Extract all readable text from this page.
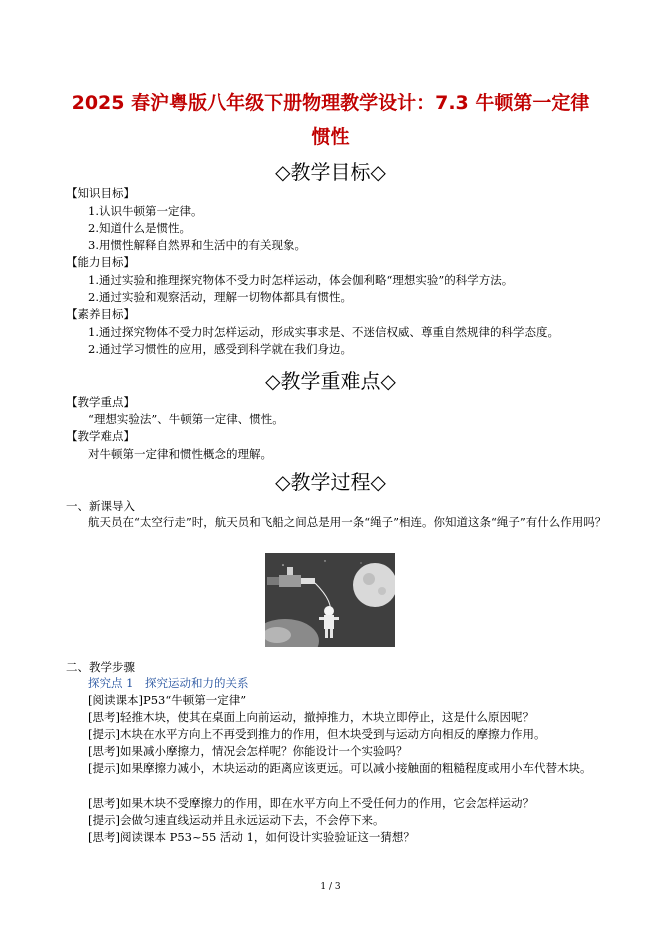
2025 春沪粤版八年级下册物理教学设计：7.3 牛顿第一定律
惯性
◇教学目标◇
【知识目标】
1.认识牛顿第一定律。
2.知道什么是惯性。
3.用惯性解释自然界和生活中的有关现象。
【能力目标】
1.通过实验和推理探究物体不受力时怎样运动，体会伽利略“理想实验”的科学方法。
2.通过实验和观察活动，理解一切物体都具有惯性。
【素养目标】
1.通过探究物体不受力时怎样运动，形成实事求是、不迷信权威、尊重自然规律的科学态度。
2.通过学习惯性的应用，感受到科学就在我们身边。
◇教学重难点◇
【教学重点】
“理想实验法”、牛顿第一定律、惯性。
【教学难点】
对牛顿第一定律和惯性概念的理解。
◇教学过程◇
一、新课导入
航天员在“太空行走”时，航天员和飞船之间总是用一条“绳子”相连。你知道这条“绳子”有什么作用吗？
二、教学步骤
探究点 1　探究运动和力的关系
[阅读课本]P53“牛顿第一定律”
[思考]轻推木块，使其在桌面上向前运动，撤掉推力，木块立即停止，这是什么原因呢？
[提示]木块在水平方向上不再受到推力的作用，但木块受到与运动方向相反的摩擦力作用。
[思考]如果减小摩擦力，情况会怎样呢？你能设计一个实验吗？
[提示]如果摩擦力减小，木块运动的距离应该更远。可以减小接触面的粗糙程度或用小车代替木块。
[思考]如果木块不受摩擦力的作用，即在水平方向上不受任何力的作用，它会怎样运动？
[提示]会做匀速直线运动并且永远运动下去，不会停下来。
[思考]阅读课本 P53~55 活动 1，如何设计实验验证这一猜想？
1 / 3
